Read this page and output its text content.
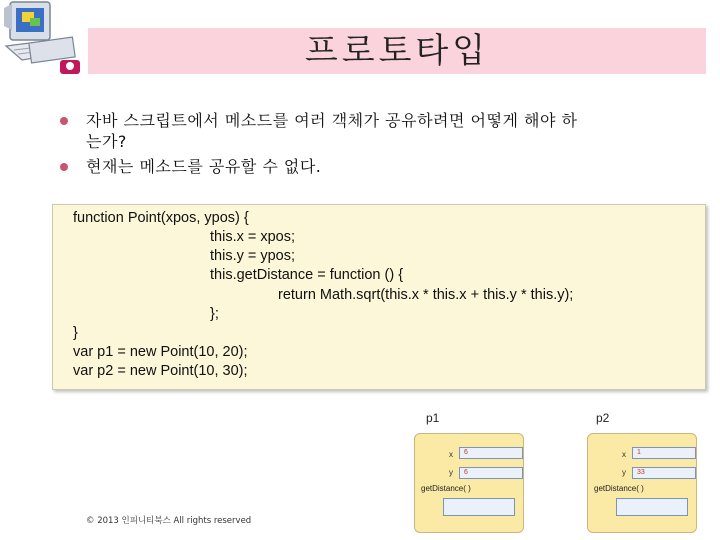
프로토타입
자바 스크립트에서 메소드를 여러 객체가 공유하려면 어떻게 해야 하
는가?
현재는 메소드를 공유할 수 없다.
function Point(xpos, ypos) {
this.x = xpos;
this.y = ypos;
this.getDistance = function () {
return Math.sqrt(this.x * this.x + this.y * this.y);
};
}
var p1 = new Point(10, 20);
var p2 = new Point(10, 30);
p1
x	6
y	6
getDistance( )
p2
x	1
y	33
getDistance( )
© 2013 인피니티북스 All rights reserved
